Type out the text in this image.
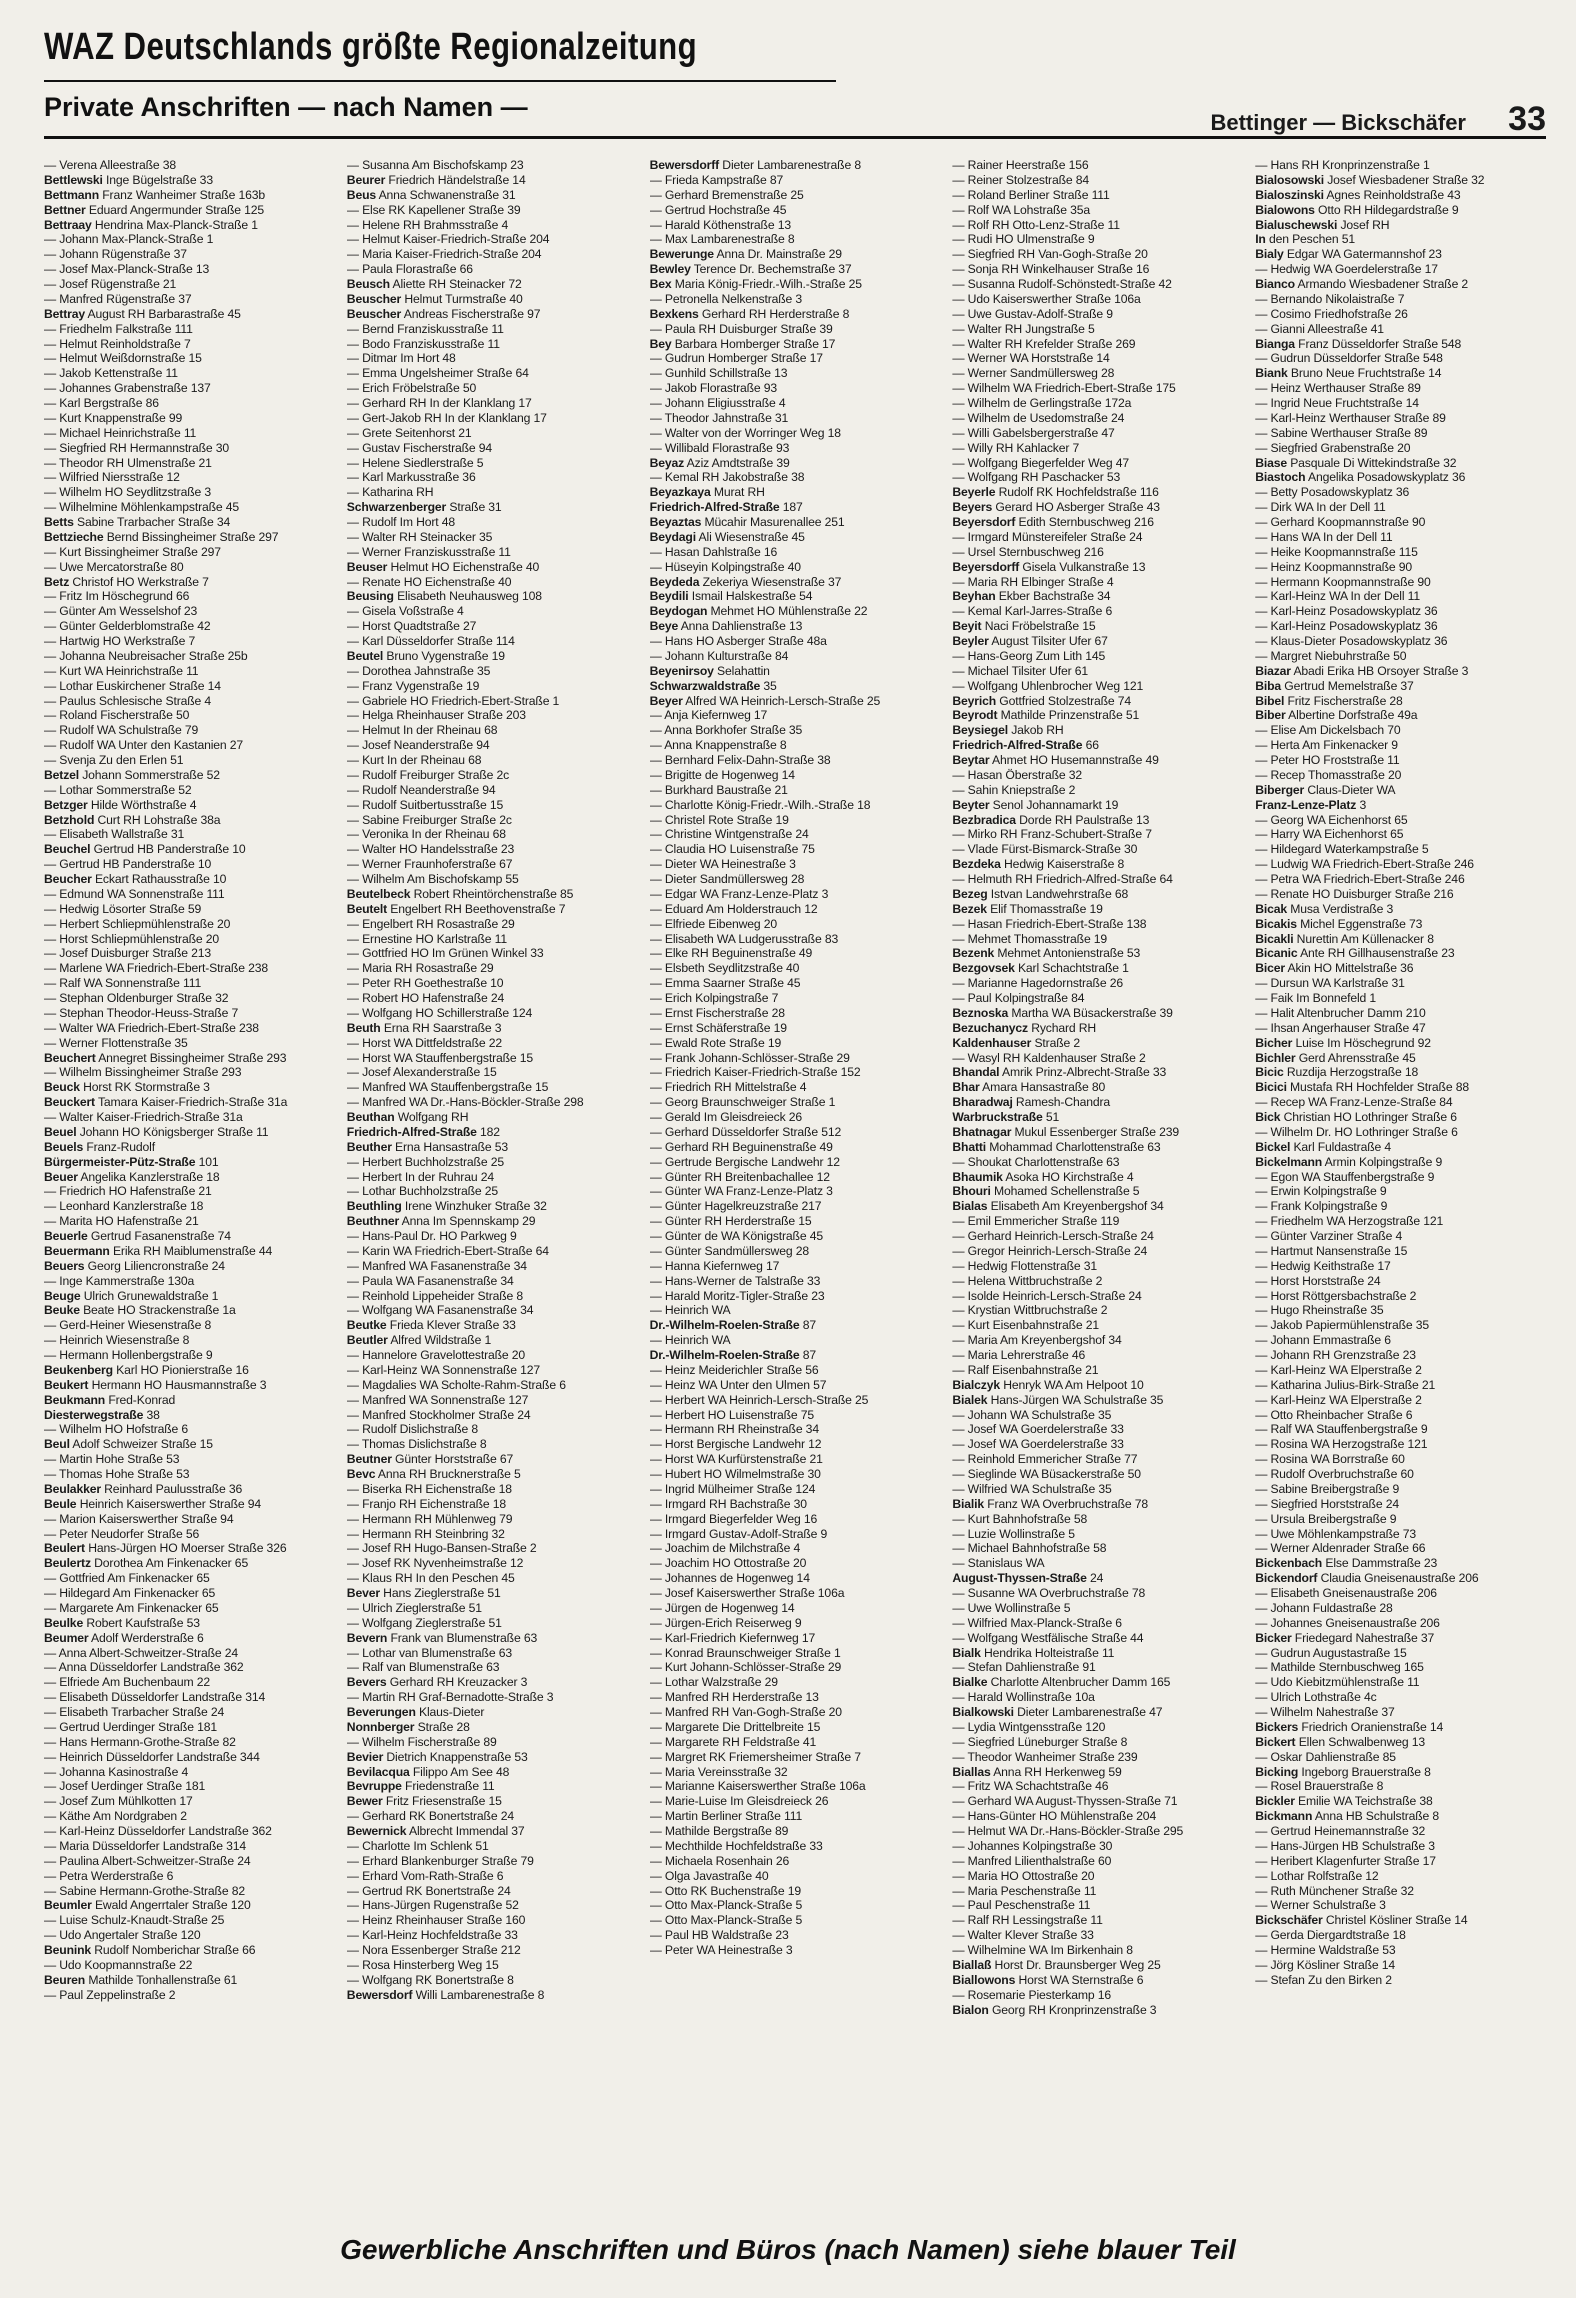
WAZ Deutschlands größte Regionalzeitung
Private Anschriften — nach Namen —
Bettinger — Bickschäfer 33
— Verena Alleestraße 38
Bettlewski Inge Bügelstraße 33
Bettmann Franz Wanheimer Straße 163b
Bettner Eduard Angermunder Straße 125
Bettraay Hendrina Max-Planck-Straße 1
— Johann Max-Planck-Straße 1
— Johann Rügenstraße 37
— Josef Max-Planck-Straße 13
— Josef Rügenstraße 21
— Manfred Rügenstraße 37
Bettray August RH Barbarastraße 45
— Friedhelm Falkstraße 111
— Helmut Reinholdstraße 7
— Helmut Weißdornstraße 15
— Jakob Kettenstraße 11
— Johannes Grabenstraße 137
— Karl Bergstraße 86
— Kurt Knappenstraße 99
— Michael Heinrichstraße 11
— Siegfried RH Hermannstraße 30
— Theodor RH Ulmenstraße 21
— Wilfried Niersstraße 12
— Wilhelm HO Seydlitzstraße 3
— Wilhelmine Möhlenkampstraße 45
Betts Sabine Trarbacher Straße 34
Bettzieche Bernd Bissingheimer Straße 297
— Kurt Bissingheimer Straße 297
— Uwe Mercatorstraße 80
Betz Christof HO Werkstraße 7
— Fritz Im Höschegrund 66
— Günter Am Wesselshof 23
— Günter Gelderblomstraße 42
— Hartwig HO Werkstraße 7
— Johanna Neubreisacher Straße 25b
— Kurt WA Heinrichstraße 11
— Lothar Euskirchener Straße 14
— Paulus Schlesische Straße 4
— Roland Fischerstraße 50
— Rudolf WA Schulstraße 79
— Rudolf WA Unter den Kastanien 27
— Svenja Zu den Erlen 51
Betzel Johann Sommerstraße 52
— Lothar Sommerstraße 52
Betzger Hilde Wörthstraße 4
Betzhold Curt RH Lohstraße 38a
— Elisabeth Wallstraße 31
Beuchel Gertrud HB Panderstraße 10
— Gertrud HB Panderstraße 10
Beucher Eckart Rathausstraße 10
— Edmund WA Sonnenstraße 111
— Hedwig Lösorter Straße 59
— Herbert Schliepmühlenstraße 20
— Horst Schliepmühlenstraße 20
— Josef Duisburger Straße 213
— Marlene WA Friedrich-Ebert-Straße 238
— Ralf WA Sonnenstraße 111
— Stephan Oldenburger Straße 32
— Stephan Theodor-Heuss-Straße 7
— Walter WA Friedrich-Ebert-Straße 238
— Werner Flottenstraße 35
Beuchert Annegret Bissingheimer Straße 293
— Wilhelm Bissingheimer Straße 293
Beuck Horst RK Stormstraße 3
Beuckert Tamara Kaiser-Friedrich-Straße 31a
— Walter Kaiser-Friedrich-Straße 31a
Beuel Johann HO Königsberger Straße 11
Beuels Franz-Rudolf
Bürgermeister-Pütz-Straße 101
Beuer Angelika Kanzlerstraße 18
— Friedrich HO Hafenstraße 21
— Leonhard Kanzlerstraße 18
— Marita HO Hafenstraße 21
Beuerle Gertrud Fasanenstraße 74
Beuermann Erika RH Maiblumenstraße 44
Beuers Georg Liliencronstraße 24
— Inge Kammerstraße 130a
Beuge Ulrich Grunewaldstraße 1
Beuke Beate HO Strackenstraße 1a
— Gerd-Heiner Wiesenstraße 8
— Heinrich Wiesenstraße 8
— Hermann Hollenbergstraße 9
Beukenberg Karl HO Pionierstraße 16
Beukert Hermann HO Hausmannstraße 3
Beukmann Fred-Konrad
Diesterwegstraße 38
— Wilhelm HO Hofstraße 6
Beul Adolf Schweizer Straße 15
— Martin Hohe Straße 53
— Thomas Hohe Straße 53
Beulakker Reinhard Paulusstraße 36
Beule Heinrich Kaiserswerther Straße 94
— Marion Kaiserswerther Straße 94
— Peter Neudorfer Straße 56
Beulert Hans-Jürgen HO Moerser Straße 326
Beulertz Dorothea Am Finkenacker 65
— Gottfried Am Finkenacker 65
— Hildegard Am Finkenacker 65
— Margarete Am Finkenacker 65
Beulke Robert Kaufstraße 53
Beumer Adolf Werderstraße 6
— Anna Albert-Schweitzer-Straße 24
— Anna Düsseldorfer Landstraße 362
— Elfriede Am Buchenbaum 22
— Elisabeth Düsseldorfer Landstraße 314
— Elisabeth Trarbacher Straße 24
— Gertrud Uerdinger Straße 181
— Hans Hermann-Grothe-Straße 82
— Heinrich Düsseldorfer Landstraße 344
— Johanna Kasinostraße 4
— Josef Uerdinger Straße 181
— Josef Zum Mühlkotten 17
— Käthe Am Nordgraben 2
— Karl-Heinz Düsseldorfer Landstraße 362
— Maria Düsseldorfer Landstraße 314
— Paulina Albert-Schweitzer-Straße 24
— Petra Werderstraße 6
— Sabine Hermann-Grothe-Straße 82
Beumler Ewald Angerrtaler Straße 120
— Luise Schulz-Knaudt-Straße 25
— Udo Angertaler Straße 120
Beunink Rudolf Nomberichar Straße 66
— Udo Koopmannstraße 22
Beuren Mathilde Tonhallenstraße 61
— Paul Zeppelinstraße 2
— Susanna Am Bischofskamp 23
Beurer Friedrich Händelstraße 14
Beus Anna Schwanenstraße 31
— Else RK Kapellener Straße 39
— Helene RH Brahmsstraße 4
— Helmut Kaiser-Friedrich-Straße 204
— Maria Kaiser-Friedrich-Straße 204
— Paula Florastraße 66
Beusch Aliette RH Steinacker 72
Beuscher Helmut Turmstraße 40
Beuscher Andreas Fischerstraße 97
— Bernd Franziskusstraße 11
— Bodo Franziskusstraße 11
— Ditmar Im Hort 48
— Emma Ungelsheimer Straße 64
— Erich Fröbelstraße 50
— Gerhard RH In der Klanklang 17
— Gert-Jakob RH In der Klanklang 17
— Grete Seitenhorst 21
— Gustav Fischerstraße 94
— Helene Siedlerstraße 5
— Karl Markusstraße 36
— Katharina RH
Schwarzenberger Straße 31
— Rudolf Im Hort 48
— Walter RH Steinacker 35
— Werner Franziskusstraße 11
Beuser Helmut HO Eichenstraße 40
— Renate HO Eichenstraße 40
Beusing Elisabeth Neuhausweg 108
— Gisela Voßstraße 4
— Horst Quadtstraße 27
— Karl Düsseldorfer Straße 114
Beutel Bruno Vygenstraße 19
— Dorothea Jahnstraße 35
— Franz Vygenstraße 19
— Gabriele HO Friedrich-Ebert-Straße 1
— Helga Rheinhauser Straße 203
— Helmut In der Rheinau 68
— Josef Neanderstraße 94
— Kurt In der Rheinau 68
— Rudolf Freiburger Straße 2c
— Rudolf Neanderstraße 94
— Rudolf Suitbertusstraße 15
— Sabine Freiburger Straße 2c
— Veronika In der Rheinau 68
— Walter HO Handelsstraße 23
— Werner Fraunhoferstraße 67
— Wilhelm Am Bischofskamp 55
Beutelbeck Robert Rheintörchenstraße 85
Beutelt Engelbert RH Beethovenstraße 7
— Engelbert RH Rosastraße 29
— Ernestine HO Karlstraße 11
— Gottfried HO Im Grünen Winkel 33
— Maria RH Rosastraße 29
— Peter RH Goethestraße 10
— Robert HO Hafenstraße 24
— Wolfgang HO Schillerstraße 124
Beuth Erna RH Saarstraße 3
— Horst WA Dittfeldstraße 22
— Horst WA Stauffenbergstraße 15
— Josef Alexanderstraße 15
— Manfred WA Stauffenbergstraße 15
— Manfred WA Dr.-Hans-Böckler-Straße 298
Beuthan Wolfgang RH
Friedrich-Alfred-Straße 182
Beuther Erna Hansastraße 53
— Herbert Buchholzstraße 25
— Herbert In der Ruhrau 24
— Lothar Buchholzstraße 25
Beuthling Irene Winzhuker Straße 32
Beuthner Anna Im Spennskamp 29
— Hans-Paul Dr. HO Parkweg 9
— Karin WA Friedrich-Ebert-Straße 64
— Manfred WA Fasanenstraße 34
— Paula WA Fasanenstraße 34
— Reinhold Lippeheider Straße 8
— Wolfgang WA Fasanenstraße 34
Beutke Frieda Klever Straße 33
Beutler Alfred Wildstraße 1
— Hannelore Gravelottestraße 20
— Karl-Heinz WA Sonnenstraße 127
— Magdalies WA Scholte-Rahm-Straße 6
— Manfred WA Sonnenstraße 127
— Manfred Stockholmer Straße 24
— Rudolf Dislichstraße 8
— Thomas Dislichstraße 8
Beutner Günter Horststraße 67
Bevc Anna RH Brucknerstraße 5
— Biserka RH Eichenstraße 18
— Franjo RH Eichenstraße 18
— Hermann RH Mühlenweg 79
— Hermann RH Steinbring 32
— Josef RH Hugo-Bansen-Straße 2
— Josef RK Nyvenheimstraße 12
— Klaus RH In den Peschen 45
Bever Hans Zieglerstraße 51
— Ulrich Zieglerstraße 51
— Wolfgang Zieglerstraße 51
Bevern Frank van Blumenstraße 63
— Lothar van Blumenstraße 63
— Ralf van Blumenstraße 63
Bevers Gerhard RH Kreuzacker 3
— Martin RH Graf-Bernadotte-Straße 3
Beverungen Klaus-Dieter
Nonnberger Straße 28
— Wilhelm Fischerstraße 89
Bevier Dietrich Knappenstraße 53
Bevilacqua Filippo Am See 48
Bevruppe Friedenstraße 11
Bewer Fritz Friesenstraße 15
— Gerhard RK Bonertstraße 24
Bewernick Albrecht Immendal 37
— Charlotte Im Schlenk 51
— Erhard Blankenburger Straße 79
— Erhard Vom-Rath-Straße 6
— Gertrud RK Bonertstraße 24
— Hans-Jürgen Rugenstraße 52
— Heinz Rheinhauser Straße 160
— Karl-Heinz Hochfeldstraße 33
— Nora Essenberger Straße 212
— Rosa Hinsterberg Weg 15
— Wolfgang RK Bonertstraße 8
Bewersdorf Willi Lambarenestraße 8
Bewersdorff Dieter Lambarenestraße 8
— Frieda Kampstraße 87
— Gerhard Bremenstraße 25
— Gertrud Hochstraße 45
— Harald Köthenstraße 13
— Max Lambarenestraße 8
Bewerunge Anna Dr. Mainstraße 29
Bewley Terence Dr. Bechemstraße 37
Bex Maria König-Friedr.-Wilh.-Straße 25
— Petronella Nelkenstraße 3
Bexkens Gerhard RH Herderstraße 8
— Paula RH Duisburger Straße 39
Bey Barbara Homberger Straße 17
— Gudrun Homberger Straße 17
— Gunhild Schillstraße 13
— Jakob Florastraße 93
— Johann Eligiusstraße 4
— Theodor Jahnstraße 31
— Walter von der Worringer Weg 18
— Willibald Florastraße 93
Beyaz Aziz Amdtstraße 39
— Kemal RH Jakobstraße 38
Beyazkaya Murat RH
Friedrich-Alfred-Straße 187
Beyaztas Mücahir Masurenallee 251
Beydagi Ali Wiesenstraße 45
— Hasan Dahlstraße 16
— Hüseyin Kolpingstraße 40
Beydeda Zekeriya Wiesenstraße 37
Beydili Ismail Halskestraße 54
Beydogan Mehmet HO Mühlenstraße 22
Beye Anna Dahlienstraße 13
— Hans HO Asberger Straße 48a
— Johann Kulturstraße 84
Beyenirsoy Selahattin
Schwarzwaldstraße 35
Beyer Alfred WA Heinrich-Lersch-Straße 25
— Anja Kiefernweg 17
— Anna Borkhofer Straße 35
— Anna Knappenstraße 8
— Bernhard Felix-Dahn-Straße 38
— Brigitte de Hogenweg 14
— Burkhard Baustraße 21
— Charlotte König-Friedr.-Wilh.-Straße 18
— Christel Rote Straße 19
— Christine Wintgenstraße 24
— Claudia HO Luisenstraße 75
— Dieter WA Heinestraße 3
— Dieter Sandmüllersweg 28
— Edgar WA Franz-Lenze-Platz 3
— Eduard Am Holderstrauch 12
— Elfriede Eibenweg 20
— Elisabeth WA Ludgerusstraße 83
— Elke RH Beguinenstraße 49
— Elsbeth Seydlitzstraße 40
— Emma Saarner Straße 45
— Erich Kolpingstraße 7
— Ernst Fischerstraße 28
— Ernst Schäferstraße 19
— Ewald Rote Straße 19
— Frank Johann-Schlösser-Straße 29
— Friedrich Kaiser-Friedrich-Straße 152
— Friedrich RH Mittelstraße 4
— Georg Braunschweiger Straße 1
— Gerald Im Gleisdreieck 26
— Gerhard Düsseldorfer Straße 512
— Gerhard RH Beguinenstraße 49
— Gertrude Bergische Landwehr 12
— Günter RH Breitenbachallee 12
— Günter WA Franz-Lenze-Platz 3
— Günter Hagelkreuzstraße 217
— Günter RH Herderstraße 15
— Günter de WA Königstraße 45
— Günter Sandmüllersweg 28
— Hanna Kiefernweg 17
— Hans-Werner de Talstraße 33
— Harald Moritz-Tigler-Straße 23
— Heinrich WA
Dr.-Wilhelm-Roelen-Straße 87
— Heinrich WA
Dr.-Wilhelm-Roelen-Straße 87
— Heinz Meiderichler Straße 56
— Heinz WA Unter den Ulmen 57
— Herbert WA Heinrich-Lersch-Straße 25
— Herbert HO Luisenstraße 75
— Hermann RH Rheinstraße 34
— Horst Bergische Landwehr 12
— Horst WA Kurfürstenstraße 21
— Hubert HO Wilmelmstraße 30
— Ingrid Mülheimer Straße 124
— Irmgard RH Bachstraße 30
— Irmgard Biegerfelder Weg 16
— Irmgard Gustav-Adolf-Straße 9
— Joachim de Milchstraße 4
— Joachim HO Ottostraße 20
— Johannes de Hogenweg 14
— Josef Kaiserswerther Straße 106a
— Jürgen de Hogenweg 14
— Jürgen-Erich Reiserweg 9
— Karl-Friedrich Kiefernweg 17
— Konrad Braunschweiger Straße 1
— Kurt Johann-Schlösser-Straße 29
— Lothar Walzstraße 29
— Manfred RH Herderstraße 13
— Manfred RH Van-Gogh-Straße 20
— Margarete Die Drittelbreite 15
— Margarete RH Feldstraße 41
— Margret RK Friemersheimer Straße 7
— Maria Vereinsstraße 32
— Marianne Kaiserswerther Straße 106a
— Marie-Luise Im Gleisdreieck 26
— Martin Berliner Straße 111
— Mathilde Bergstraße 89
— Mechthilde Hochfeldstraße 33
— Michaela Rosenhain 26
— Olga Javastraße 40
— Otto RK Buchenstraße 19
— Otto Max-Planck-Straße 5
— Otto Max-Planck-Straße 5
— Paul HB Waldstraße 23
— Peter WA Heinestraße 3
— Rainer Heerstraße 156
— Reiner Stolzestraße 84
— Roland Berliner Straße 111
— Rolf WA Lohstraße 35a
— Rolf RH Otto-Lenz-Straße 11
— Rudi HO Ulmenstraße 9
— Siegfried RH Van-Gogh-Straße 20
— Sonja RH Winkelhauser Straße 16
— Susanna Rudolf-Schönstedt-Straße 42
— Udo Kaiserswerther Straße 106a
— Uwe Gustav-Adolf-Straße 9
— Walter RH Jungstraße 5
— Walter RH Krefelder Straße 269
— Werner WA Horststraße 14
— Werner Sandmüllersweg 28
— Wilhelm WA Friedrich-Ebert-Straße 175
— Wilhelm de Gerlingstraße 172a
— Wilhelm de Usedomstraße 24
— Willi Gabelsbergerstraße 47
— Willy RH Kahlacker 7
— Wolfgang Biegerfelder Weg 47
— Wolfgang RH Paschacker 53
Beyerle Rudolf RK Hochfeldstraße 116
Beyers Gerard HO Asberger Straße 43
Beyersdorf Edith Sternbuschweg 216
— Irmgard Münstereifeler Straße 24
— Ursel Sternbuschweg 216
Beyersdorff Gisela Vulkanstraße 13
— Maria RH Elbinger Straße 4
Beyhan Ekber Bachstraße 34
— Kemal Karl-Jarres-Straße 6
Beyit Naci Fröbelstraße 15
Beyler August Tilsiter Ufer 67
— Hans-Georg Zum Lith 145
— Michael Tilsiter Ufer 61
— Wolfgang Uhlenbrocher Weg 121
Beyrich Gottfried Stolzestraße 74
Beyrodt Mathilde Prinzenstraße 51
Beysiegel Jakob RH
Friedrich-Alfred-Straße 66
Beytar Ahmet HO Husemannstraße 49
— Hasan Öberstraße 32
— Sahin Kniepstraße 2
Beyter Senol Johannamarkt 19
Bezbradica Dorde RH Paulstraße 13
— Mirko RH Franz-Schubert-Straße 7
— Vlade Fürst-Bismarck-Straße 30
Bezdeka Hedwig Kaiserstraße 8
— Helmuth RH Friedrich-Alfred-Straße 64
Bezeg Istvan Landwehrstraße 68
Bezek Elif Thomasstraße 19
— Hasan Friedrich-Ebert-Straße 138
— Mehmet Thomasstraße 19
Bezenk Mehmet Antonienstraße 53
Bezgovsek Karl Schachtstraße 1
— Marianne Hagedornstraße 26
— Paul Kolpingstraße 84
Beznoska Martha WA Büsackerstraße 39
Bezuchanycz Rychard RH
Kaldenhauser Straße 2
— Wasyl RH Kaldenhauser Straße 2
Bhandal Amrik Prinz-Albrecht-Straße 33
Bhar Amara Hansastraße 80
Bharadwaj Ramesh-Chandra
Warbruckstraße 51
Bhatnagar Mukul Essenberger Straße 239
Bhatti Mohammad Charlottenstraße 63
— Shoukat Charlottenstraße 63
Bhaumik Asoka HO Kirchstraße 4
Bhouri Mohamed Schellenstraße 5
Bialas Elisabeth Am Kreyenbergshof 34
— Emil Emmericher Straße 119
— Gerhard Heinrich-Lersch-Straße 24
— Gregor Heinrich-Lersch-Straße 24
— Hedwig Flottenstraße 31
— Helena Wittbruchstraße 2
— Isolde Heinrich-Lersch-Straße 24
— Krystian Wittbruchstraße 2
— Kurt Eisenbahnstraße 21
— Maria Am Kreyenbergshof 34
— Maria Lehrerstraße 46
— Ralf Eisenbahnstraße 21
Bialczyk Henryk WA Am Helpoot 10
Bialek Hans-Jürgen WA Schulstraße 35
— Johann WA Schulstraße 35
— Josef WA Goerdelerstraße 33
— Josef WA Goerdelerstraße 33
— Reinhold Emmericher Straße 77
— Sieglinde WA Büsackerstraße 50
— Wilfried WA Schulstraße 35
Bialik Franz WA Overbruchstraße 78
— Kurt Bahnhofstraße 58
— Luzie Wollinstraße 5
— Michael Bahnhofstraße 58
— Stanislaus WA
August-Thyssen-Straße 24
— Susanne WA Overbruchstraße 78
— Uwe Wollinstraße 5
— Wilfried Max-Planck-Straße 6
— Wolfgang Westfälische Straße 44
Bialk Hendrika Holteistraße 11
— Stefan Dahlienstraße 91
Bialke Charlotte Altenbrucher Damm 165
— Harald Wollinstraße 10a
Bialkowski Dieter Lambarenestraße 47
— Lydia Wintgensstraße 120
— Siegfried Lüneburger Straße 8
— Theodor Wanheimer Straße 239
Biallas Anna RH Herkenweg 59
— Fritz WA Schachtstraße 46
— Gerhard WA August-Thyssen-Straße 71
— Hans-Günter HO Mühlenstraße 204
— Helmut WA Dr.-Hans-Böckler-Straße 295
— Johannes Kolpingstraße 30
— Manfred Lilienthalstraße 60
— Maria HO Ottostraße 20
— Maria Peschenstraße 11
— Paul Peschenstraße 11
— Ralf RH Lessingstraße 11
— Walter Klever Straße 33
— Wilhelmine WA Im Birkenhain 8
Biallaß Horst Dr. Braunsberger Weg 25
Biallowons Horst WA Sternstraße 6
— Rosemarie Piesterkamp 16
Bialon Georg RH Kronprinzenstraße 3
— Hans RH Kronprinzenstraße 1
Bialosowski Josef Wiesbadener Straße 32
Bialoszinski Agnes Reinholdstraße 43
Bialowons Otto RH Hildegardstraße 9
Bialuschewski Josef RH
In den Peschen 51
Bialy Edgar WA Gatermannshof 23
— Hedwig WA Goerdelerstraße 17
Bianco Armando Wiesbadener Straße 2
— Bernando Nikolaistraße 7
— Cosimo Friedhofstraße 26
— Gianni Alleestraße 41
Bianga Franz Düsseldorfer Straße 548
— Gudrun Düsseldorfer Straße 548
Biank Bruno Neue Fruchtstraße 14
— Heinz Werthauser Straße 89
— Ingrid Neue Fruchtstraße 14
— Karl-Heinz Werthauser Straße 89
— Sabine Werthauser Straße 89
— Siegfried Grabenstraße 20
Biase Pasquale Di Wittekindstraße 32
Biastoch Angelika Posadowskyplatz 36
— Betty Posadowskyplatz 36
— Dirk WA In der Dell 11
— Gerhard Koopmannstraße 90
— Hans WA In der Dell 11
— Heike Koopmannstraße 115
— Heinz Koopmannstraße 90
— Hermann Koopmannstraße 90
— Karl-Heinz WA In der Dell 11
— Karl-Heinz Posadowskyplatz 36
— Karl-Heinz Posadowskyplatz 36
— Klaus-Dieter Posadowskyplatz 36
— Margret Niebuhrstraße 50
Biazar Abadi Erika HB Orsoyer Straße 3
Biba Gertrud Memelstraße 37
Bibel Fritz Fischerstraße 28
Biber Albertine Dorfstraße 49a
— Elise Am Dickelsbach 70
— Herta Am Finkenacker 9
— Peter HO Froststraße 11
— Recep Thomasstraße 20
Biberger Claus-Dieter WA
Franz-Lenze-Platz 3
— Georg WA Eichenhorst 65
— Harry WA Eichenhorst 65
— Hildegard Waterkampstraße 5
— Ludwig WA Friedrich-Ebert-Straße 246
— Petra WA Friedrich-Ebert-Straße 246
— Renate HO Duisburger Straße 216
Bicak Musa Verdistraße 3
Bicakis Michel Eggenstraße 73
Bicakli Nurettin Am Küllenacker 8
Bicanic Ante RH Gillhausenstraße 23
Bicer Akin HO Mittelstraße 36
— Dursun WA Karlstraße 31
— Faik Im Bonnefeld 1
— Halit Altenbrucher Damm 210
— Ihsan Angerhauser Straße 47
Bicher Luise Im Höschegrund 92
Bichler Gerd Ahrensstraße 45
Bicic Ruzdija Herzogstraße 18
Bicici Mustafa RH Hochfelder Straße 88
— Recep WA Franz-Lenze-Straße 84
Bick Christian HO Lothringer Straße 6
— Wilhelm Dr. HO Lothringer Straße 6
Bickel Karl Fuldastraße 4
Bickelmann Armin Kolpingstraße 9
— Egon WA Stauffenbergstraße 9
— Erwin Kolpingstraße 9
— Frank Kolpingstraße 9
— Friedhelm WA Herzogstraße 121
— Günter Varziner Straße 4
— Hartmut Nansenstraße 15
— Hedwig Keithstraße 17
— Horst Horststraße 24
— Horst Röttgersbachstraße 2
— Hugo Rheinstraße 35
— Jakob Papiermühlenstraße 35
— Johann Emmastraße 6
— Johann RH Grenzstraße 23
— Karl-Heinz WA Elperstraße 2
— Katharina Julius-Birk-Straße 21
— Karl-Heinz WA Elperstraße 2
— Otto Rheinbacher Straße 6
— Ralf WA Stauffenbergstraße 9
— Rosina WA Herzogstraße 121
— Rosina WA Borrstraße 60
— Rudolf Overbruchstraße 60
— Sabine Breibergstraße 9
— Siegfried Horststraße 24
— Ursula Breibergstraße 9
— Uwe Möhlenkampstraße 73
— Werner Aldenrader Straße 66
Bickenbach Else Dammstraße 23
Bickendorf Claudia Gneisenaustraße 206
— Elisabeth Gneisenaustraße 206
— Johann Fuldastraße 28
— Johannes Gneisenaustraße 206
Bicker Friedegard Nahestraße 37
— Gudrun Augustastraße 15
— Mathilde Sternbuschweg 165
— Udo Kiebitzmühlenstraße 11
— Ulrich Lothstraße 4c
— Wilhelm Nahestraße 37
Bickers Friedrich Oranienstraße 14
Bickert Ellen Schwalbenweg 13
— Oskar Dahlienstraße 85
Bicking Ingeborg Brauerstraße 8
— Rosel Brauerstraße 8
Bickler Emilie WA Teichstraße 38
Bickmann Anna HB Schulstraße 8
— Gertrud Heinemannstraße 32
— Hans-Jürgen HB Schulstraße 3
— Heribert Klagenfurter Straße 17
— Lothar Rolfstraße 12
— Ruth Münchener Straße 32
— Werner Schulstraße 3
Bickschäfer Christel Kösliner Straße 14
— Gerda Diergardtstraße 18
— Hermine Waldstraße 53
— Jörg Kösliner Straße 14
— Stefan Zu den Birken 2
Gewerbliche Anschriften und Büros (nach Namen) siehe blauer Teil
